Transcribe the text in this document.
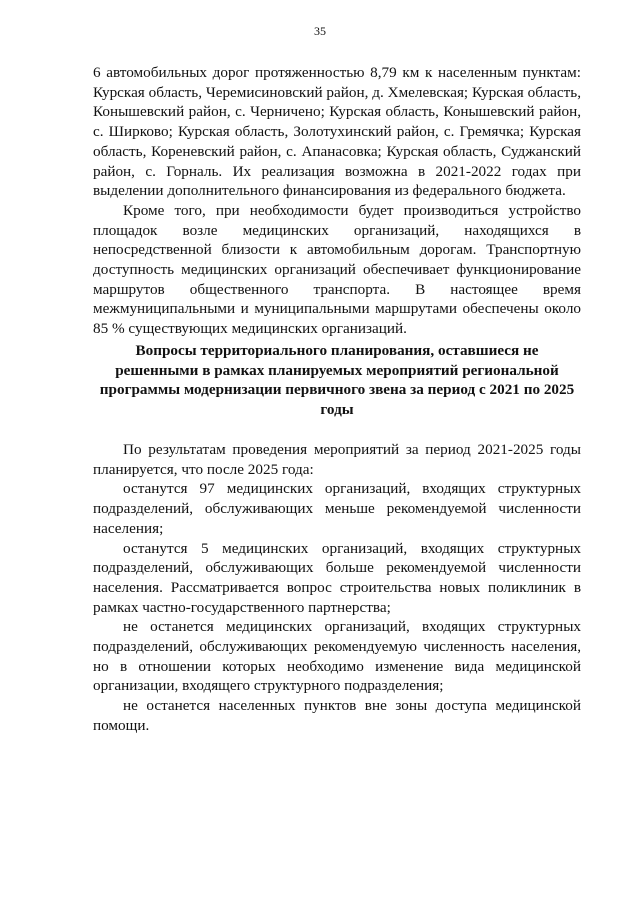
35

6 автомобильных дорог протяженностью 8,79 км к населенным пунктам: Курская область, Черемисиновский район, д. Хмелевская; Курская область, Конышевский район, с. Черничено; Курская область, Конышевский район, с. Ширково; Курская область, Золотухинский район, с. Гремячка; Курская область, Кореневский район, с. Апанасовка; Курская область, Суджанский район, с. Горналь. Их реализация возможна в 2021-2022 годах при выделении дополнительного финансирования из федерального бюджета.

Кроме того, при необходимости будет производиться устройство площадок возле медицинских организаций, находящихся в непосредственной близости к автомобильным дорогам. Транспортную доступность медицинских организаций обеспечивает функционирование маршрутов общественного транспорта. В настоящее время межмуниципальными и муниципальными маршрутами обеспечены около 85 % существующих медицинских организаций.

Вопросы территориального планирования, оставшиеся не решенными в рамках планируемых мероприятий региональной программы модернизации первичного звена за период с 2021 по 2025 годы

По результатам проведения мероприятий за период 2021-2025 годы планируется, что после 2025 года:

останутся 97 медицинских организаций, входящих структурных подразделений, обслуживающих меньше рекомендуемой численности населения;

останутся 5 медицинских организаций, входящих структурных подразделений, обслуживающих больше рекомендуемой численности населения. Рассматривается вопрос строительства новых поликлиник в рамках частно-государственного партнерства;

не останется медицинских организаций, входящих структурных подразделений, обслуживающих рекомендуемую численность населения, но в отношении которых необходимо изменение вида медицинской организации, входящего структурного подразделения;

не останется населенных пунктов вне зоны доступа медицинской помощи.
